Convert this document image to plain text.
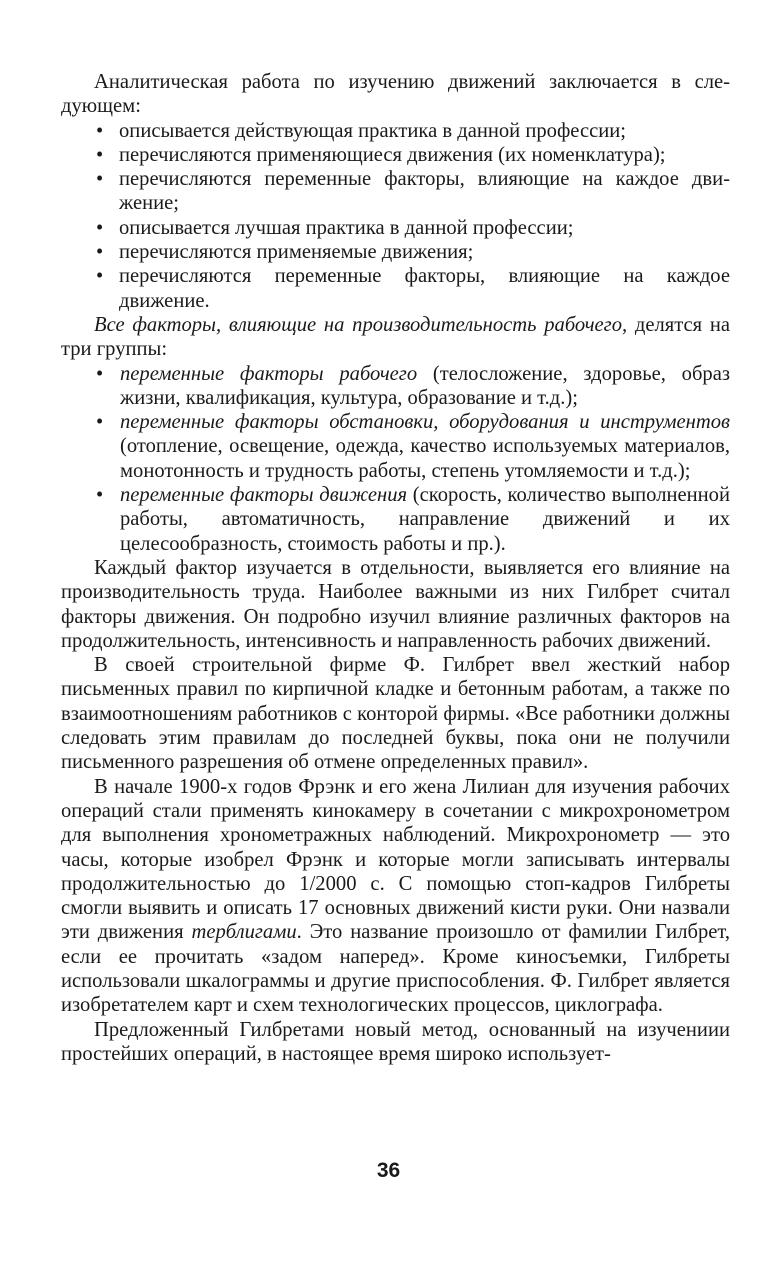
Аналитическая работа по изучению движений заключается в следующем:

• описывается действующая практика в данной профессии;
• перечисляются применяющиеся движения (их номенклатура);
• перечисляются переменные факторы, влияющие на каждое движение;
• описывается лучшая практика в данной профессии;
• перечисляются применяемые движения;
• перечисляются переменные факторы, влияющие на каждое движение.

Все факторы, влияющие на производительность рабочего, делятся на три группы:

• переменные факторы рабочего (телосложение, здоровье, образ жизни, квалификация, культура, образование и т.д.);
• переменные факторы обстановки, оборудования и инструментов (отопление, освещение, одежда, качество используемых материалов, монотонность и трудность работы, степень утомляемости и т.д.);
• переменные факторы движения (скорость, количество выполненной работы, автоматичность, направление движений и их целесообразность, стоимость работы и пр.).

Каждый фактор изучается в отдельности, выявляется его влияние на производительность труда. Наиболее важными из них Гилбрет считал факторы движения. Он подробно изучил влияние различных факторов на продолжительность, интенсивность и направленность рабочих движений.

В своей строительной фирме Ф. Гилбрет ввел жесткий набор письменных правил по кирпичной кладке и бетонным работам, а также по взаимоотношениям работников с конторой фирмы. «Все работники должны следовать этим правилам до последней буквы, пока они не получили письменного разрешения об отмене определенных правил».

В начале 1900-х годов Фрэнк и его жена Лилиан для изучения рабочих операций стали применять кинокамеру в сочетании с микрохронометром для выполнения хронометражных наблюдений. Микрохронометр — это часы, которые изобрел Фрэнк и которые могли записывать интервалы продолжительностью до 1/2000 с. С помощью стоп-кадров Гилбреты смогли выявить и описать 17 основных движений кисти руки. Они назвали эти движения терблигами. Это название произошло от фамилии Гилбрет, если ее прочитать «задом наперед». Кроме киносъемки, Гилбреты использовали шкалограммы и другие приспособления. Ф. Гилбрет является изобретателем карт и схем технологических процессов, циклографа.

Предложенный Гилбретами новый метод, основанный на изучениии простейших операций, в настоящее время широко использует-

36
